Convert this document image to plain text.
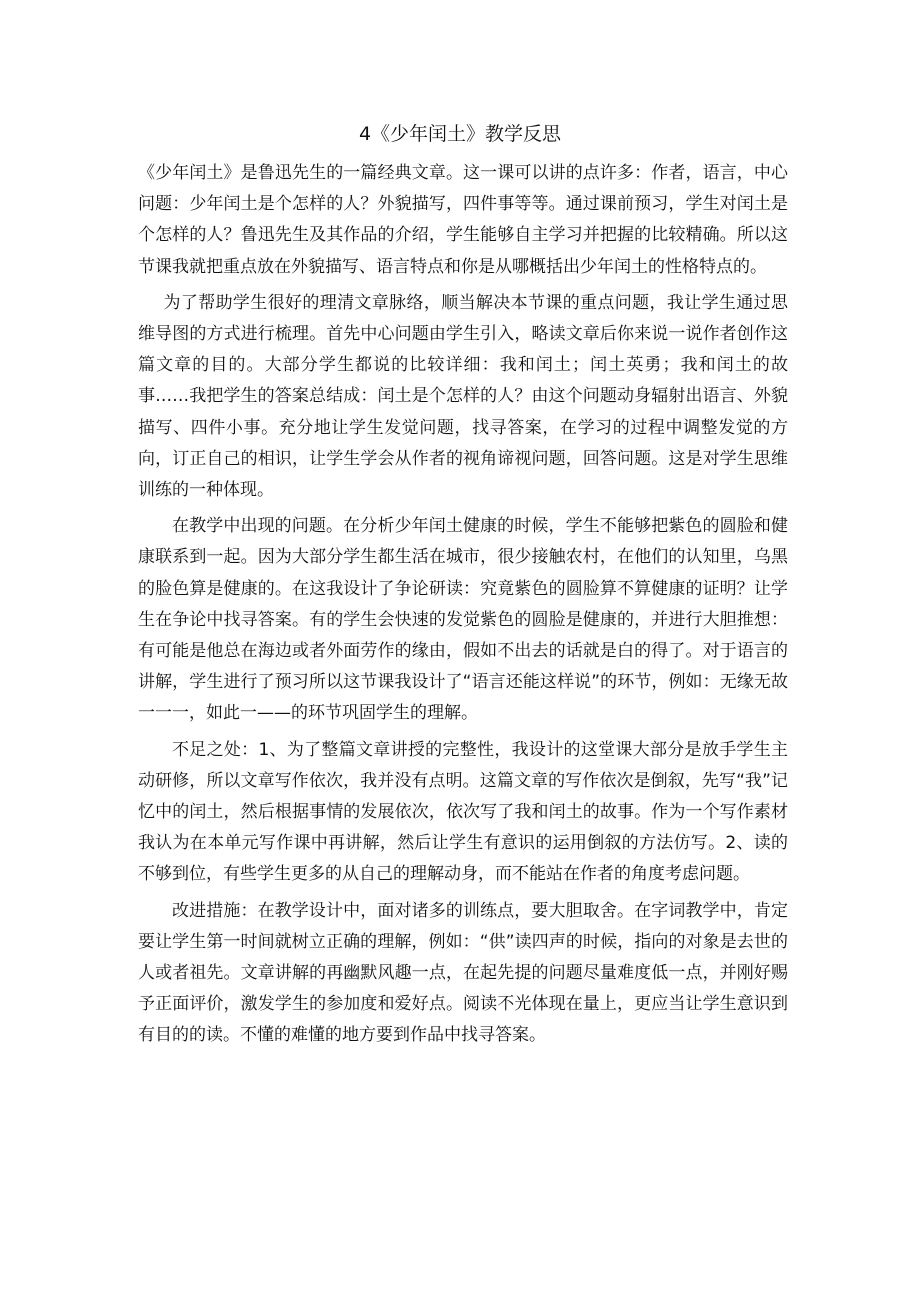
4《少年闰土》教学反思

《少年闰土》是鲁迅先生的一篇经典文章。这一课可以讲的点许多：作者，语言，中心问题：少年闰土是个怎样的人？外貌描写，四件事等等。通过课前预习，学生对闰土是个怎样的人？鲁迅先生及其作品的介绍，学生能够自主学习并把握的比较精确。所以这节课我就把重点放在外貌描写、语言特点和你是从哪概括出少年闰土的性格特点的。

为了帮助学生很好的理清文章脉络，顺当解决本节课的重点问题，我让学生通过思维导图的方式进行梳理。首先中心问题由学生引入，略读文章后你来说一说作者创作这篇文章的目的。大部分学生都说的比较详细：我和闰土；闰土英勇；我和闰土的故事……我把学生的答案总结成：闰土是个怎样的人？由这个问题动身辐射出语言、外貌描写、四件小事。充分地让学生发觉问题，找寻答案，在学习的过程中调整发觉的方向，订正自己的相识，让学生学会从作者的视角谛视问题，回答问题。这是对学生思维训练的一种体现。

在教学中出现的问题。在分析少年闰土健康的时候，学生不能够把紫色的圆脸和健康联系到一起。因为大部分学生都生活在城市，很少接触农村，在他们的认知里，乌黑的脸色算是健康的。在这我设计了争论研读：究竟紫色的圆脸算不算健康的证明？让学生在争论中找寻答案。有的学生会快速的发觉紫色的圆脸是健康的，并进行大胆推想：有可能是他总在海边或者外面劳作的缘由，假如不出去的话就是白的得了。对于语言的讲解，学生进行了预习所以这节课我设计了“语言还能这样说”的环节，例如：无缘无故一一一，如此一——的环节巩固学生的理解。

不足之处：1、为了整篇文章讲授的完整性，我设计的这堂课大部分是放手学生主动研修，所以文章写作依次，我并没有点明。这篇文章的写作依次是倒叙，先写“我”记忆中的闰土，然后根据事情的发展依次，依次写了我和闰土的故事。作为一个写作素材我认为在本单元写作课中再讲解，然后让学生有意识的运用倒叙的方法仿写。2、读的不够到位，有些学生更多的从自己的理解动身，而不能站在作者的角度考虑问题。

改进措施：在教学设计中，面对诸多的训练点，要大胆取舍。在字词教学中，肯定要让学生第一时间就树立正确的理解，例如：“供”读四声的时候，指向的对象是去世的人或者祖先。文章讲解的再幽默风趣一点，在起先提的问题尽量难度低一点，并刚好赐予正面评价，激发学生的参加度和爱好点。阅读不光体现在量上，更应当让学生意识到有目的的读。不懂的难懂的地方要到作品中找寻答案。
